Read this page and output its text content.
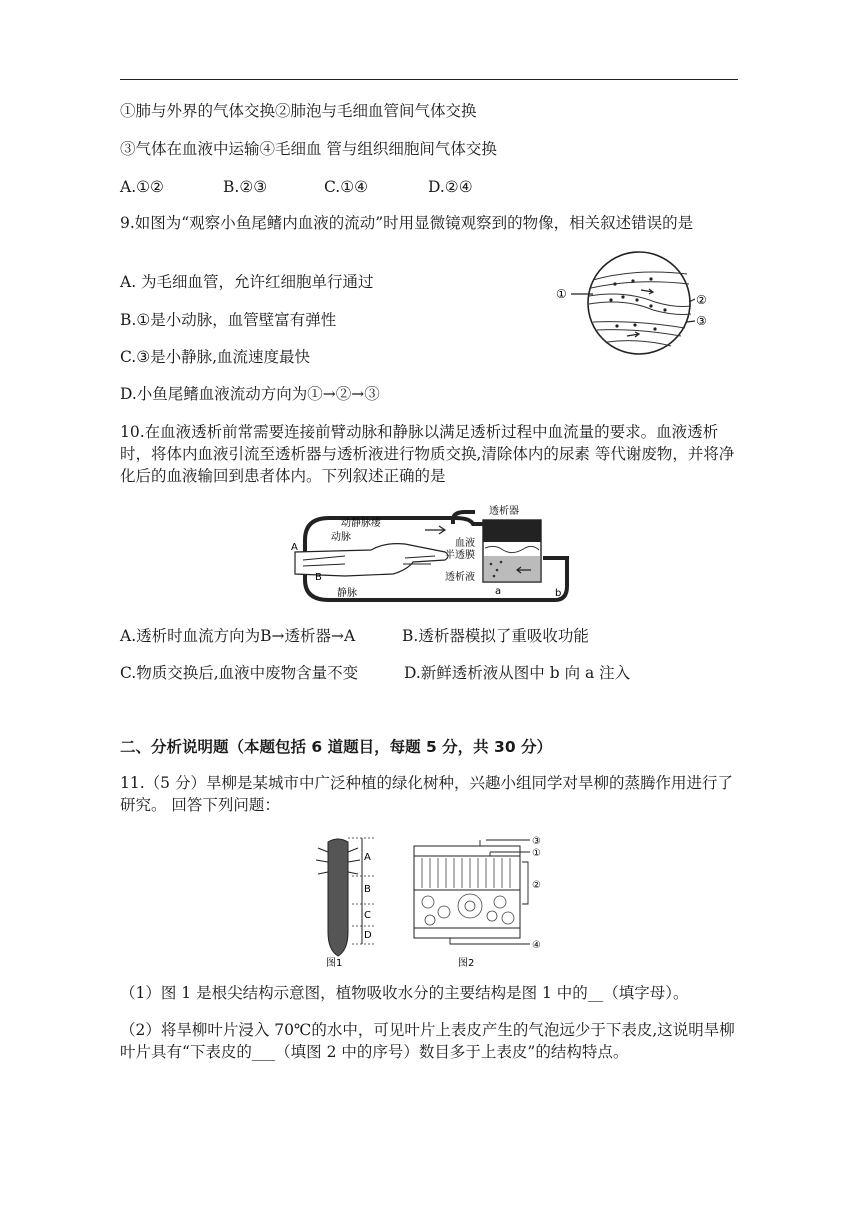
①肺与外界的气体交换②肺泡与毛细血管间气体交换
③气体在血液中运输④毛细血 管与组织细胞间气体交换
A.①②	B.②③	C.①④	D.②④
9.如图为“观察小鱼尾鳍内血液的流动”时用显微镜观察到的物像，相关叙述错误的是
A. 为毛细血管，允许红细胞单行通过
B.①是小动脉，血管壁富有弹性
C.③是小静脉,血流速度最快
D.小鱼尾鳍血液流动方向为①→②→③
①	②
③
10.在血液透析前常需要连接前臂动脉和静脉以满足透析过程中血流量的要求。血液透析时，将体内血液引流至透析器与透析液进行物质交换,清除体内的尿素 等代谢废物，并将净化后的血液输回到患者体内。下列叙述正确的是
动静脉瘘
动脉
静脉
A
B
透析器
血液
半透膜
透析液
a	b
A.透析时血流方向为B→透析器→A	B.透析器模拟了重吸收功能
C.物质交换后,血液中废物含量不变	D.新鲜透析液从图中 b 向 a 注入
二、分析说明题（本题包括 6 道题目，每题 5 分，共 30 分）
11.（5 分）旱柳是某城市中广泛种植的绿化树种，兴趣小组同学对旱柳的蒸腾作用进行了研究。 回答下列问题：
A
B
C
D
图1
③
①
②
④
图2
（1）图 1 是根尖结构示意图，植物吸收水分的主要结构是图 1 中的__（填字母）。
（2）将旱柳叶片浸入 70℃的水中，可见叶片上表皮产生的气泡远少于下表皮,这说明旱柳叶片具有“下表皮的___（填图 2 中的序号）数目多于上表皮”的结构特点。
